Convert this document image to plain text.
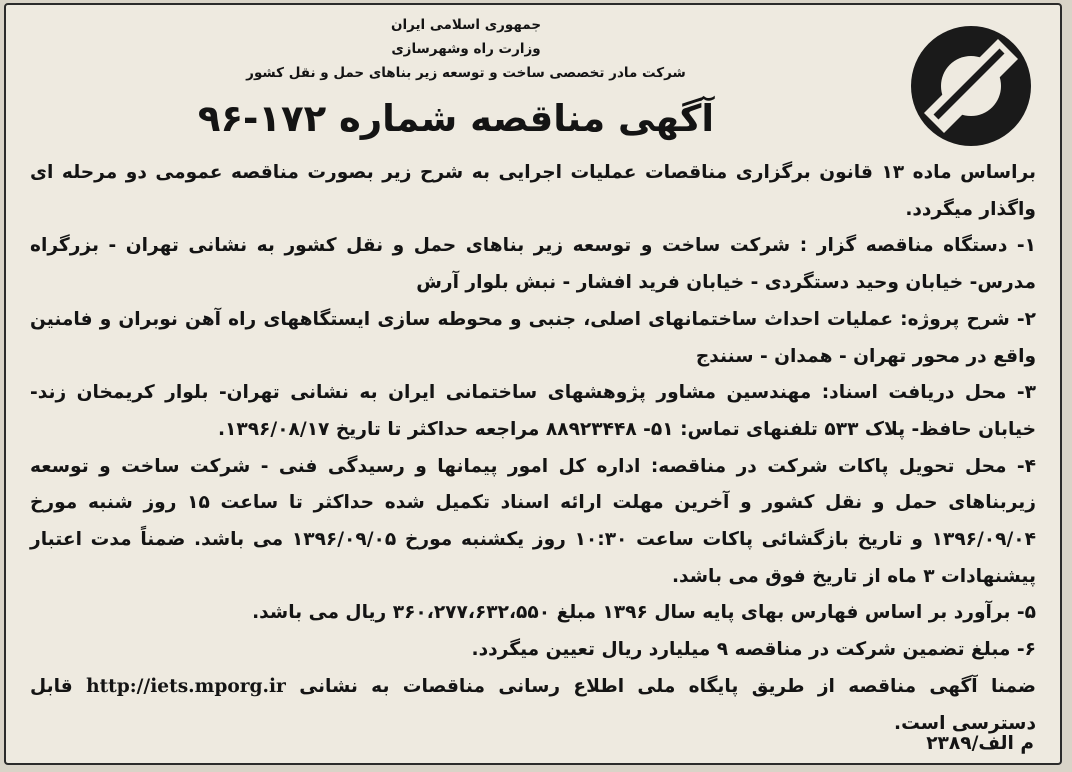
جمهوری اسلامی ایران
وزارت راه وشهرسازی
شرکت مادر تخصصی ساخت و توسعه زیر بناهای حمل و نقل کشور
آگهی مناقصه شماره ۱۷۲-۹۶

براساس ماده ۱۳ قانون برگزاری مناقصات عملیات اجرایی به شرح زیر بصورت مناقصه عمومی دو مرحله ای واگذار میگردد.

۱- دستگاه مناقصه گزار : شرکت ساخت و توسعه زیر بناهای حمل و نقل کشور به نشانی تهران - بزرگراه مدرس- خیابان وحید دستگردی - خیابان فرید افشار - نبش بلوار آرش

۲- شرح پروژه: عملیات احداث ساختمانهای اصلی، جنبی و محوطه سازی ایستگاههای راه آهن نوبران و فامنین واقع در محور تهران - همدان - سنندج

۳- محل دریافت اسناد: مهندسین مشاور پژوهشهای ساختمانی ایران به نشانی تهران- بلوار کریمخان زند- خیابان حافظ- پلاک ۵۳۳ تلفنهای تماس: ۵۱- ۸۸۹۲۳۴۴۸ مراجعه حداکثر تا تاریخ ۱۳۹۶/۰۸/۱۷.

۴- محل تحویل پاکات شرکت در مناقصه: اداره کل امور پیمانها و رسیدگی فنی - شرکت ساخت و توسعه زیربناهای حمل و نقل کشور و آخرین مهلت ارائه اسناد تکمیل شده حداکثر تا ساعت ۱۵ روز شنبه مورخ ۱۳۹۶/۰۹/۰۴ و تاریخ بازگشائی پاکات ساعت ۱۰:۳۰ روز یکشنبه مورخ ۱۳۹۶/۰۹/۰۵ می باشد. ضمناً مدت اعتبار پیشنهادات ۳ ماه از تاریخ فوق می باشد.

۵- برآورد بر اساس فهارس بهای پایه سال ۱۳۹۶ مبلغ ۳۶۰،۲۷۷،۶۳۲،۵۵۰ ریال می باشد.

۶- مبلغ تضمین شرکت در مناقصه ۹ میلیارد ریال تعیین میگردد.

ضمنا آگهی مناقصه از طریق پایگاه ملی اطلاع رسانی مناقصات به نشانی http://iets.mporg.ir قابل دسترسی است.

م الف/۲۳۸۹
